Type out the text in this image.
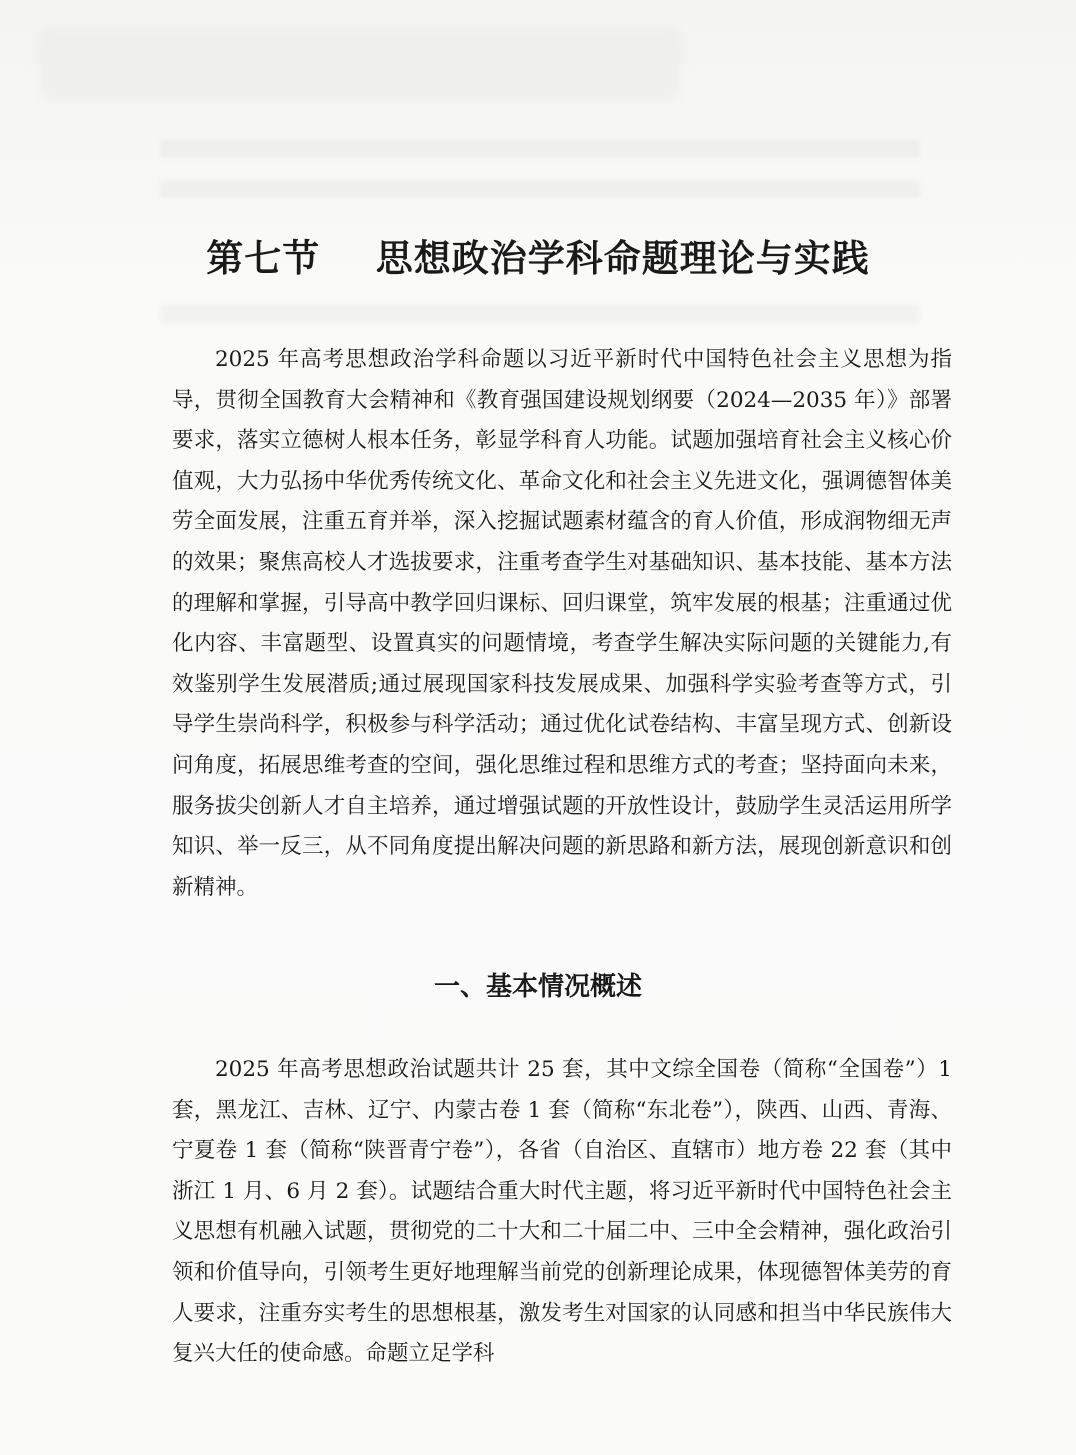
第七节    思想政治学科命题理论与实践

2025 年高考思想政治学科命题以习近平新时代中国特色社会主义思想为指导，贯彻全国教育大会精神和《教育强国建设规划纲要（2024—2035 年）》部署要求，落实立德树人根本任务，彰显学科育人功能。试题加强培育社会主义核心价值观，大力弘扬中华优秀传统文化、革命文化和社会主义先进文化，强调德智体美劳全面发展，注重五育并举，深入挖掘试题素材蕴含的育人价值，形成润物细无声的效果；聚焦高校人才选拔要求，注重考查学生对基础知识、基本技能、基本方法的理解和掌握，引导高中教学回归课标、回归课堂，筑牢发展的根基；注重通过优化内容、丰富题型、设置真实的问题情境，考查学生解决实际问题的关键能力,有效鉴别学生发展潜质;通过展现国家科技发展成果、加强科学实验考查等方式，引导学生崇尚科学，积极参与科学活动；通过优化试卷结构、丰富呈现方式、创新设问角度，拓展思维考查的空间，强化思维过程和思维方式的考查；坚持面向未来，服务拔尖创新人才自主培养，通过增强试题的开放性设计，鼓励学生灵活运用所学知识、举一反三，从不同角度提出解决问题的新思路和新方法，展现创新意识和创新精神。

一、基本情况概述

2025 年高考思想政治试题共计 25 套，其中文综全国卷（简称“全国卷”）1 套，黑龙江、吉林、辽宁、内蒙古卷 1 套（简称“东北卷”），陕西、山西、青海、宁夏卷 1 套（简称“陕晋青宁卷”），各省（自治区、直辖市）地方卷 22 套（其中浙江 1 月、6 月 2 套）。试题结合重大时代主题，将习近平新时代中国特色社会主义思想有机融入试题，贯彻党的二十大和二十届二中、三中全会精神，强化政治引领和价值导向，引领考生更好地理解当前党的创新理论成果，体现德智体美劳的育人要求，注重夯实考生的思想根基，激发考生对国家的认同感和担当中华民族伟大复兴大任的使命感。命题立足学科
